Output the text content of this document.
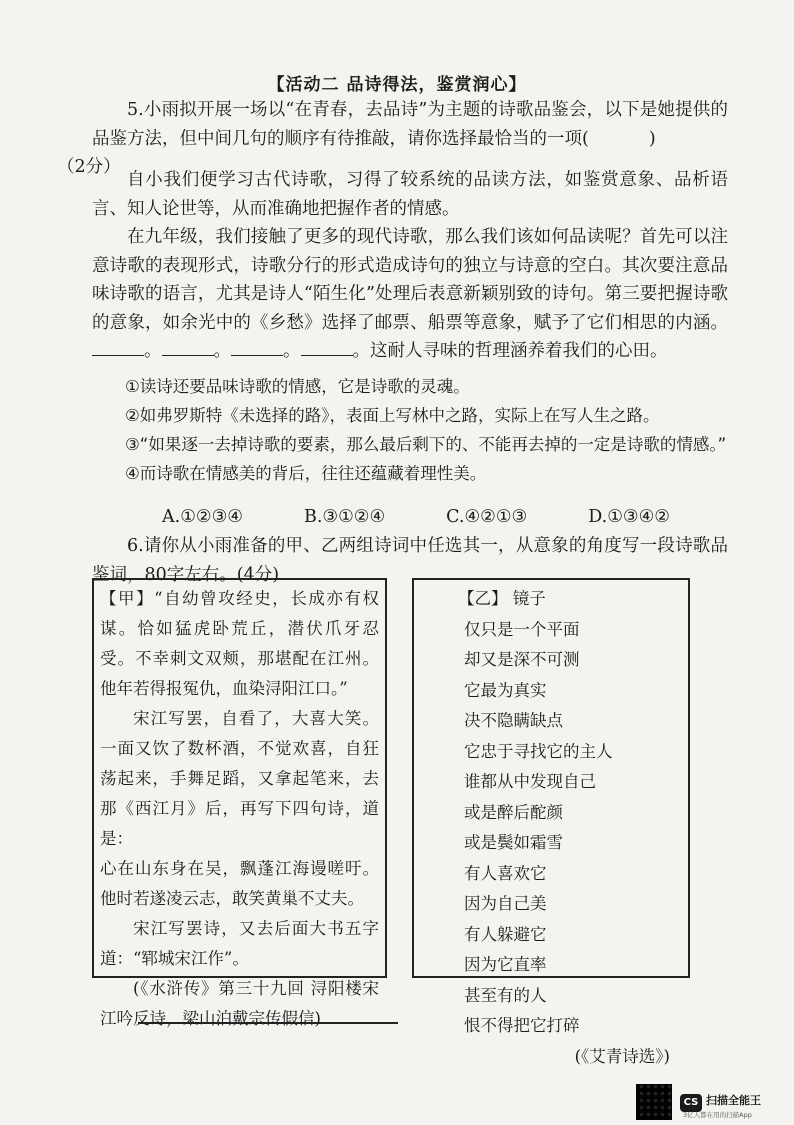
【活动二 品诗得法，鉴赏润心】

5.小雨拟开展一场以“在青春，去品诗”为主题的诗歌品鉴会，以下是她提供的品鉴方法，但中间几句的顺序有待推敲，请你选择最恰当的一项(	)
（2分）

自小我们便学习古代诗歌，习得了较系统的品读方法，如鉴赏意象、品析语言、知人论世等，从而准确地把握作者的情感。

在九年级，我们接触了更多的现代诗歌，那么我们该如何品读呢？首先可以注意诗歌的表现形式，诗歌分行的形式造成诗句的独立与诗意的空白。其次要注意品味诗歌的语言，尤其是诗人“陌生化”处理后表意新颖别致的诗句。第三要把握诗歌的意象，如余光中的《乡愁》选择了邮票、船票等意象，赋予了它们相思的内涵。。	。	。	。这耐人寻味的哲理涵养着我们的心田。

①读诗还要品味诗歌的情感，它是诗歌的灵魂。

②如弗罗斯特《未选择的路》，表面上写林中之路，实际上在写人生之路。

③“如果逐一去掉诗歌的要素，那么最后剩下的、不能再去掉的一定是诗歌的情感。”

④而诗歌在情感美的背后，往往还蕴藏着理性美。

A.①②③④	B.③①②④	C.④②①③	D.①③④②

6.请你从小雨准备的甲、乙两组诗词中任选其一，从意象的角度写一段诗歌品鉴词，80字左右。(4分)

【甲】“自幼曾攻经史，长成亦有权谋。恰如猛虎卧荒丘，潜伏爪牙忍受。不幸刺文双颊，那堪配在江州。他年若得报冤仇，血染浔阳江口。”

宋江写罢，自看了，大喜大笑。一面又饮了数杯酒，不觉欢喜，自狂荡起来，手舞足蹈，又拿起笔来，去那《西江月》后，再写下四句诗，道是：

心在山东身在吴，飘蓬江海谩嗟吁。他时若遂凌云志，敢笑黄巢不丈夫。

宋江写罢诗，又去后面大书五字道：“郓城宋江作”。

(《水浒传》第三十九回 浔阳楼宋江吟反诗，梁山泊戴宗传假信)

【乙】 镜子
仅只是一个平面
却又是深不可测
它最为真实
决不隐瞒缺点
它忠于寻找它的主人
谁都从中发现自己
或是醉后酡颜
或是鬓如霜雪
有人喜欢它
因为自己美
有人躲避它
因为它直率
甚至有的人
恨不得把它打碎
(《艾青诗选》)
CS 扫描全能王
3亿人都在用的扫描App
